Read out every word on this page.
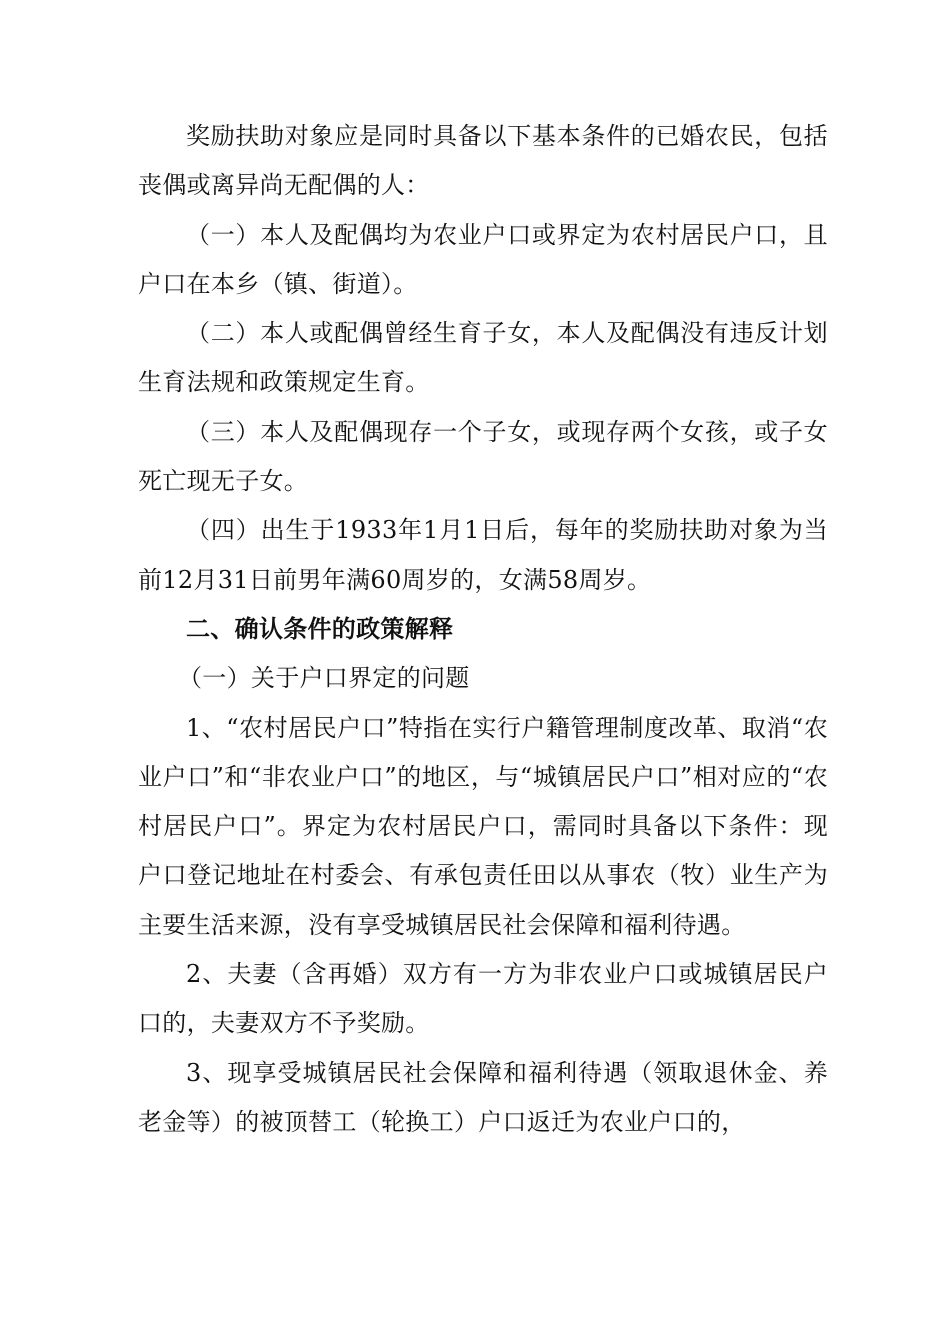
奖励扶助对象应是同时具备以下基本条件的已婚农民，包括丧偶或离异尚无配偶的人：

（一）本人及配偶均为农业户口或界定为农村居民户口，且户口在本乡（镇、街道）。

（二）本人或配偶曾经生育子女，本人及配偶没有违反计划生育法规和政策规定生育。

（三）本人及配偶现存一个子女，或现存两个女孩，或子女死亡现无子女。

（四）出生于1933年1月1日后，每年的奖励扶助对象为当前12月31日前男年满60周岁的，女满58周岁。

二、确认条件的政策解释

（一）关于户口界定的问题

1、“农村居民户口”特指在实行户籍管理制度改革、取消“农业户口”和“非农业户口”的地区，与“城镇居民户口”相对应的“农村居民户口”。界定为农村居民户口，需同时具备以下条件：现户口登记地址在村委会、有承包责任田以从事农（牧）业生产为主要生活来源，没有享受城镇居民社会保障和福利待遇。

2、夫妻（含再婚）双方有一方为非农业户口或城镇居民户口的，夫妻双方不予奖励。

3、现享受城镇居民社会保障和福利待遇（领取退休金、养老金等）的被顶替工（轮换工）户口返迁为农业户口的，
